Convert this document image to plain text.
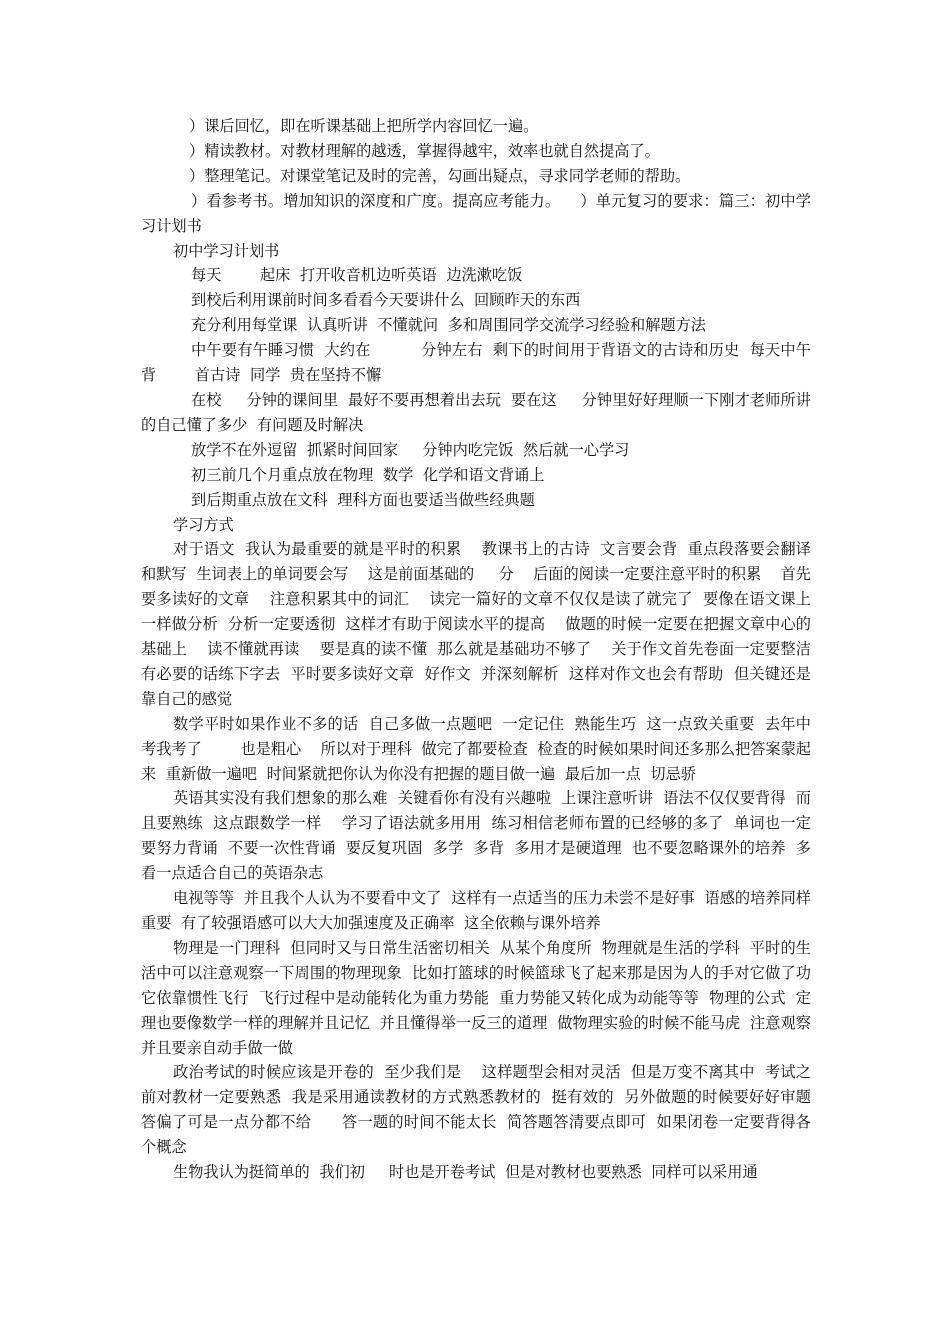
）课后回忆，即在听课基础上把所学内容回忆一遍。

）精读教材。对教材理解的越透，掌握得越牢，效率也就自然提高了。

）整理笔记。对课堂笔记及时的完善，勾画出疑点，寻求同学老师的帮助。

）看参考书。增加知识的深度和广度。提高应考能力。    ）单元复习的要求：篇三：初中学习计划书

初中学习计划书

每天        起床  打开收音机边听英语  边洗漱吃饭

到校后利用课前时间多看看今天要讲什么  回顾昨天的东西

充分利用每堂课  认真听讲  不懂就问  多和周围同学交流学习经验和解题方法

中午要有午睡习惯  大约在          分钟左右  剩下的时间用于背语文的古诗和历史  每天中午背        首古诗  同学  贵在坚持不懈

在校     分钟的课间里  最好不要再想着出去玩  要在这     分钟里好好理顺一下刚才老师所讲的自己懂了多少  有问题及时解决

放学不在外逗留  抓紧时间回家     分钟内吃完饭  然后就一心学习

初三前几个月重点放在物理  数学  化学和语文背诵上

到后期重点放在文科  理科方面也要适当做些经典题

学习方式

对于语文  我认为最重要的就是平时的积累    教课书上的古诗  文言要会背  重点段落要会翻译和默写  生词表上的单词要会写    这是前面基础的     分    后面的阅读一定要注意平时的积累    首先要多读好的文章    注意积累其中的词汇    读完一篇好的文章不仅仅是读了就完了  要像在语文课上一样做分析  分析一定要透彻  这样才有助于阅读水平的提高    做题的时候一定要在把握文章中心的基础上    读不懂就再读    要是真的读不懂  那么就是基础功不够了    关于作文首先卷面一定要整洁  有必要的话练下字去  平时要多读好文章  好作文  并深刻解析  这样对作文也会有帮助  但关键还是靠自己的感觉

数学平时如果作业不多的话  自己多做一点题吧  一定记住  熟能生巧  这一点致关重要  去年中考我考了        也是粗心    所以对于理科  做完了都要检查  检查的时候如果时间还多那么把答案蒙起来  重新做一遍吧  时间紧就把你认为你没有把握的题目做一遍  最后加一点  切忌骄

英语其实没有我们想象的那么难  关键看你有没有兴趣啦  上课注意听讲  语法不仅仅要背得  而且要熟练  这点跟数学一样    学习了语法就多用用  练习相信老师布置的已经够的多了  单词也一定要努力背诵  不要一次性背诵  要反复巩固  多学  多背  多用才是硬道理  也不要忽略课外的培养  多看一点适合自己的英语杂志

电视等等  并且我个人认为不要看中文了  这样有一点适当的压力未尝不是好事  语感的培养同样重要  有了较强语感可以大大加强速度及正确率  这全依赖与课外培养

物理是一门理科  但同时又与日常生活密切相关  从某个角度所  物理就是生活的学科  平时的生活中可以注意观察一下周围的物理现象  比如打篮球的时候篮球飞了起来那是因为人的手对它做了功  它依靠惯性飞行  飞行过程中是动能转化为重力势能  重力势能又转化成为动能等等  物理的公式  定理也要像数学一样的理解并且记忆  并且懂得举一反三的道理  做物理实验的时候不能马虎  注意观察  并且要亲自动手做一做

政治考试的时候应该是开卷的  至少我们是    这样题型会相对灵活  但是万变不离其中  考试之前对教材一定要熟悉  我是采用通读教材的方式熟悉教材的  挺有效的  另外做题的时候要好好审题  答偏了可是一点分都不给      答一题的时间不能太长  简答题答清要点即可  如果闭卷一定要背得各个概念

生物我认为挺简单的  我们初     时也是开卷考试  但是对教材也要熟悉  同样可以采用通
